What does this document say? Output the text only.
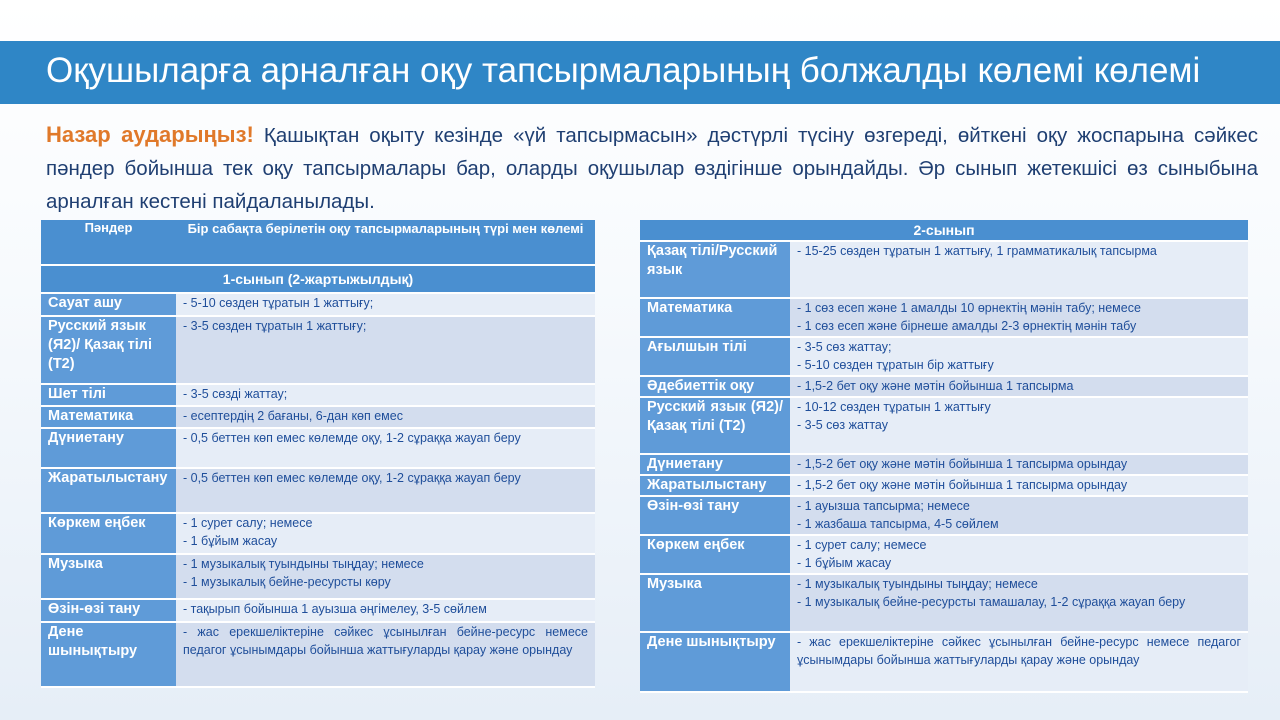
Оқушыларға арналған оқу тапсырмаларының болжалды көлемі көлемі
Назар аударыңыз! Қашықтан оқыту кезінде «үй тапсырмасын» дәстүрлі түсіну өзгереді, өйткені оқу жоспарына сәйкес пәндер бойынша тек оқу тапсырмалары бар, оларды оқушылар өздігінше орындайды. Әр сынып жетекшісі өз сыныбына арналған кестені пайдаланылады.
Пәндер	Бір сабақта берілетін оқу тапсырмаларының түрі мен көлемі
1-сынып (2-жартыжылдық)	
Сауат ашу	- 5-10 сөзден тұратын 1 жаттығу;

Русский язык (Я2)/ Қазақ тілі (Т2)	- 3-5 сөзден тұратын 1 жаттығу;

Шет тілі	- 3-5 сөзді жаттау;

Математика	- есептердің 2 бағаны, 6-дан көп емес

Дүниетану	- 0,5 беттен көп емес көлемде оқу, 1-2 сұраққа жауап беру

Жаратылыстану	- 0,5 беттен көп емес көлемде оқу, 1-2 сұраққа жауап беру

Көркем еңбек	- 1 сурет салу; немесе
- 1 бұйым жасау

Музыка	- 1 музыкалық туындыны тыңдау; немесе
- 1 музыкалық бейне-ресурсты көру

Өзін-өзі тану	- тақырып бойынша 1 ауызша әңгімелеу, 3-5 сөйлем

Дене шынықтыру	- жас ерекшеліктеріне сәйкес ұсынылған бейне-ресурс немесе педагог ұсынымдары бойынша жаттығуларды қарау және орындау
2-сынып	
Қазақ тілі/Русский язык	- 15-25 сөзден тұратын 1 жаттығу, 1 грамматикалық тапсырма

Математика	- 1 сөз есеп және 1 амалды 10 өрнектің мәнін табу; немесе
- 1 сөз есеп және бірнеше амалды 2-3 өрнектің мәнін табу

Ағылшын тілі	- 3-5 сөз жаттау;
- 5-10 сөзден тұратын бір жаттығу

Әдебиеттік оқу	- 1,5-2 бет оқу және мәтін бойынша 1 тапсырма

Русский язык (Я2)/Қазақ тілі (Т2)	- 10-12 сөзден тұратын 1 жаттығу
- 3-5 сөз жаттау

Дүниетану	- 1,5-2 бет оқу және мәтін бойынша 1 тапсырма орындау

Жаратылыстану	- 1,5-2 бет оқу және мәтін бойынша 1 тапсырма орындау

Өзін-өзі тану	- 1 ауызша тапсырма; немесе
- 1 жазбаша тапсырма, 4-5 сөйлем

Көркем еңбек	- 1 сурет салу; немесе
- 1 бұйым жасау

Музыка	- 1 музыкалық туындыны тыңдау; немесе
- 1 музыкалық бейне-ресурсты тамашалау, 1-2 сұраққа жауап беру

Дене шынықтыру	- жас ерекшеліктеріне сәйкес ұсынылған бейне-ресурс немесе педагог ұсынымдары бойынша жаттығуларды қарау және орындау
